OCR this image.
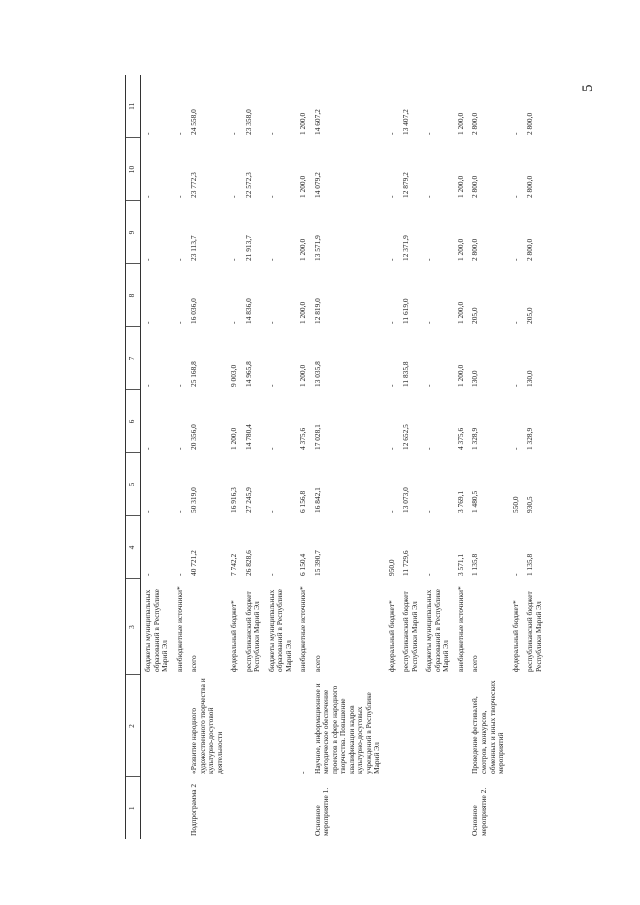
5
1	2	3	4	5	6	7	8	9	10	11
		бюджеты муниципальных образований в Республике Марий Эл	-	-	-	-	-	-	-	-
		внебюджетные источники*	-	-	-	-	-	-	-	-
Подпрограмма 2	«Развитие народного художественного творчества и культурно-досуговой деятельности	всего	40 721,2	50 319,0	20 356,0	25 168,8	16 036,0	23 113,7	23 772,3	24 558,0
		федеральный бюджет*	7 742,2	16 916,3	1 200,0	9 003,0	-	-	-	-
		республиканский бюджет Республики Марий Эл	26 828,6	27 245,9	14 780,4	14 965,8	14 836,0	21 913,7	22 572,3	23 358,0
		бюджеты муниципальных образований в Республике Марий Эл	-	-	-	-	-	-	-	-
	-	внебюджетные источники*	6 150,4	6 156,8	4 375,6	1 200,0	1 200,0	1 200,0	1 200,0	1 200,0
Основное мероприятие 1.	Научное, информационное и методическое обеспечение проектов в сфере народного творчества. Повышение квалификации кадров культурно-досуговых учреждений в Республике Марий Эл	всего	15 390,7	16 842,1	17 028,1	13 035,8	12 819,0	13 571,9	14 079,2	14 607,2
		федеральный бюджет*	950,0	-	-	-	-	-	-	-
		республиканский бюджет Республики Марий Эл	11 729,6	13 073,0	12 652,5	11 835,8	11 619,0	12 371,9	12 879,2	13 407,2
		бюджеты муниципальных образований в Республике Марий Эл	-	-	-	-	-	-	-	-
		внебюджетные источники*	3 571,1	3 769,1	4 375,6	1 200,0	1 200,0	1 200,0	1 200,0	1 200,0
Основное мероприятие 2.	Проведение фестивалей, смотров, конкурсов, обменных и иных творческих мероприятий	всего	1 135,8	1 480,5	1 328,9	130,0	205,0	2 800,0	2 800,0	2 800,0
		федеральный бюджет*	-	550,0	-	-	-	-	-	-
		республиканский бюджет Республики Марий Эл	1 135,8	930,5	1 328,9	130,0	205,0	2 800,0	2 800,0	2 800,0
